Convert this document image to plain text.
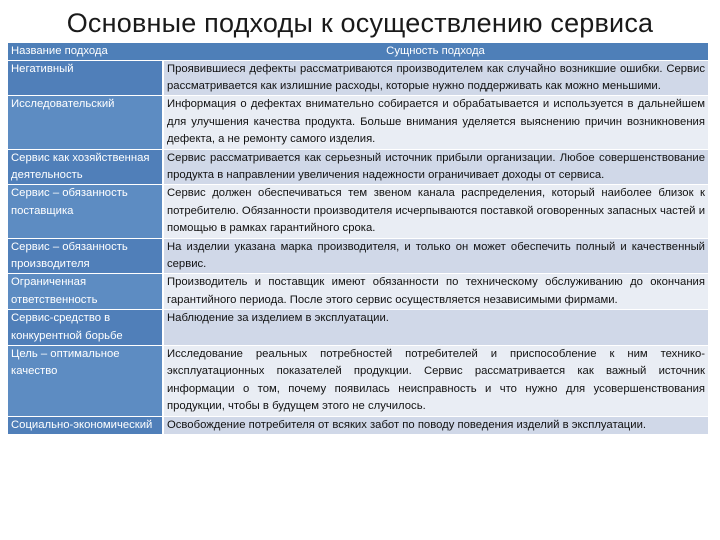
Основные подходы к осуществлению сервиса
Название подхода	Сущность подхода
Негативный	Проявившиеся дефекты рассматриваются производителем как случайно возникшие ошибки. Сервис рассматривается как излишние расходы, которые нужно поддерживать как можно меньшими.
Исследовательский	Информация о дефектах внимательно собирается и обрабатывается и используется в дальнейшем для улучшения качества продукта. Больше внимания уделяется выяснению причин возникновения дефекта, а не ремонту самого изделия.
Сервис как хозяйственная деятельность	Сервис рассматривается как серьезный источник прибыли организации. Любое совершенствование продукта в направлении увеличения надежности ограничивает доходы от сервиса.
Сервис – обязанность поставщика	Сервис должен обеспечиваться тем звеном канала распределения, который наиболее близок к потребителю. Обязанности производителя исчерпываются поставкой оговоренных запасных частей и помощью в рамках гарантийного срока.
Сервис – обязанность производителя	На изделии указана марка производителя, и только он может обеспечить полный и качественный сервис.
Ограниченная ответственность	Производитель и поставщик имеют обязанности по техническому обслуживанию до окончания гарантийного периода. После этого сервис осуществляется независимыми фирмами.
Сервис-средство в конкурентной борьбе	Наблюдение за изделием в эксплуатации.
Цель – оптимальное качество	Исследование реальных потребностей потребителей и приспособление к ним технико-эксплуатационных показателей продукции. Сервис рассматривается как важный источник информации о том, почему появилась неисправность и что нужно для усовершенствования продукции, чтобы в будущем этого не случилось.
Социально-экономический	Освобождение потребителя от всяких забот по поводу поведения изделий в эксплуатации.
